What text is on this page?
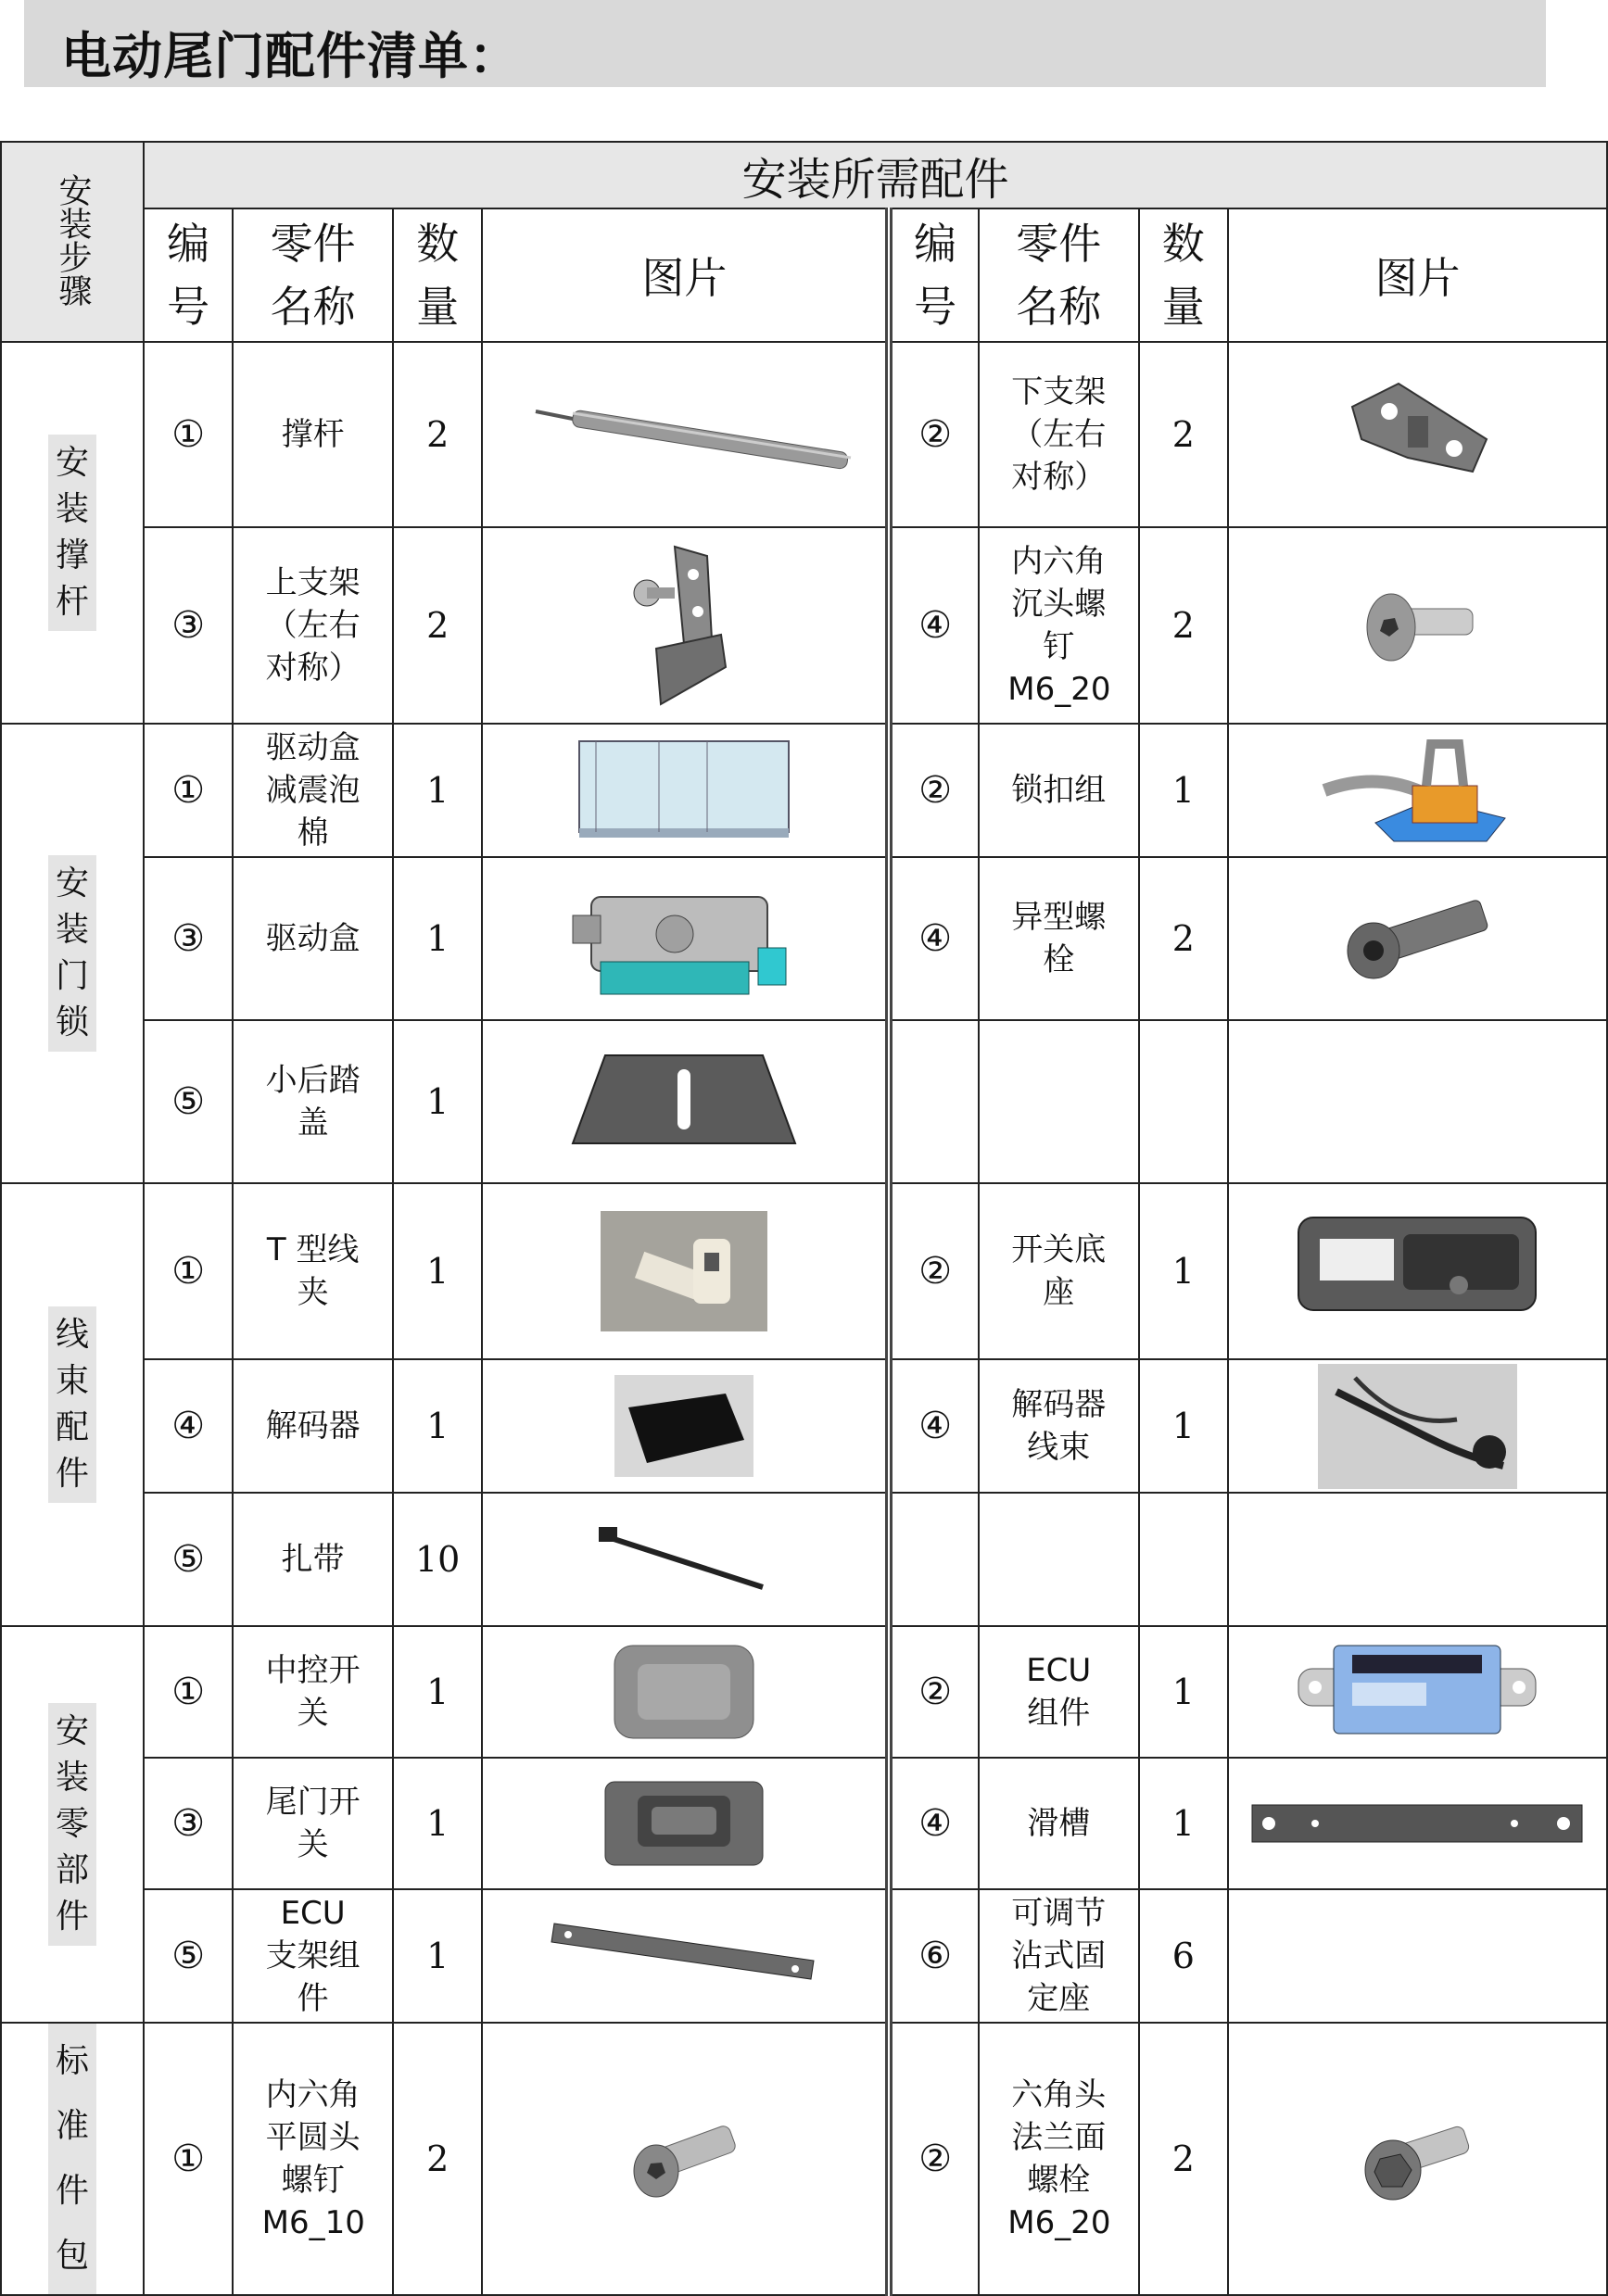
电动尾门配件清单：
安装步骤	安装所需配件							
	编号	零件名称	数量	图片	编号	零件名称	数量	图片
安装撑杆	①	撑杆	2		②	下支架（左右对称）	2	

	③	上支架（左右对称）	2		④	内六角沉头螺钉M6_20	2	

安装门锁	①	驱动盒减震泡棉	1		②	锁扣组	1	

	③	驱动盒	1		④	异型螺栓	2	

	⑤	小后踏盖	1	

线束配件	①	T 型线夹	1		②	开关底座	1	

	④	解码器	1		④	解码器线束	1	

	⑤	扎带	10	

安装零部件	①	中控开关	1		②	ECU 组件	1	

	③	尾门开关	1		④	滑槽	1	

	⑤	ECU 支架组件	1		⑥	可调节沾式固定座	6	
标准件包	①	内六角平圆头螺钉M6_10	2		②	六角头法兰面螺栓M6_20	2	
